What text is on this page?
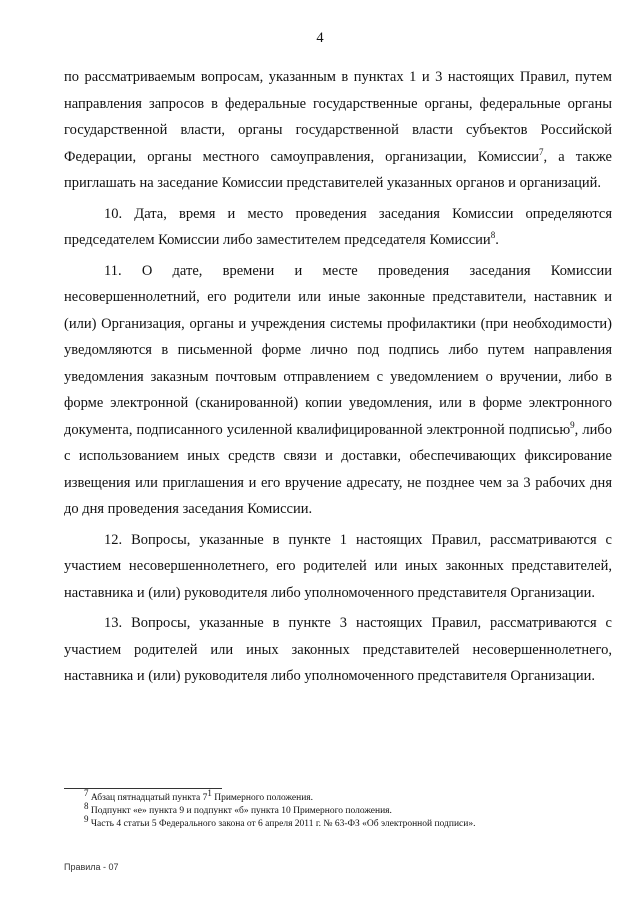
4

по рассматриваемым вопросам, указанным в пунктах 1 и 3 настоящих Правил, путем направления запросов в федеральные государственные органы, федеральные органы государственной власти, органы государственной власти субъектов Российской Федерации, органы местного самоуправления, организации, Комиссии$^7$, а также приглашать на заседание Комиссии представителей указанных органов и организаций.

10. Дата, время и место проведения заседания Комиссии определяются председателем Комиссии либо заместителем председателя Комиссии$^8$.

11. О дате, времени и месте проведения заседания Комиссии несовершеннолетний, его родители или иные законные представители, наставник и (или) Организация, органы и учреждения системы профилактики (при необходимости) уведомляются в письменной форме лично под подпись либо путем направления уведомления заказным почтовым отправлением с уведомлением о вручении, либо в форме электронной (сканированной) копии уведомления, или в форме электронного документа, подписанного усиленной квалифицированной электронной подписью$^9$, либо с использованием иных средств связи и доставки, обеспечивающих фиксирование извещения или приглашения и его вручение адресату, не позднее чем за 3 рабочих дня до дня проведения заседания Комиссии.

12. Вопросы, указанные в пункте 1 настоящих Правил, рассматриваются с участием несовершеннолетнего, его родителей или иных законных представителей, наставника и (или) руководителя либо уполномоченного представителя Организации.

13. Вопросы, указанные в пункте 3 настоящих Правил, рассматриваются с участием родителей или иных законных представителей несовершеннолетнего, наставника и (или) руководителя либо уполномоченного представителя Организации.

$^7$ Абзац пятнадцатый пункта $7^1$ Примерного положения.
$^8$ Подпункт «е» пункта 9 и подпункт «б» пункта 10 Примерного положения.
$^9$ Часть 4 статьи 5 Федерального закона от 6 апреля 2011 г. № 63-ФЗ «Об электронной подписи».
Правила - 07
